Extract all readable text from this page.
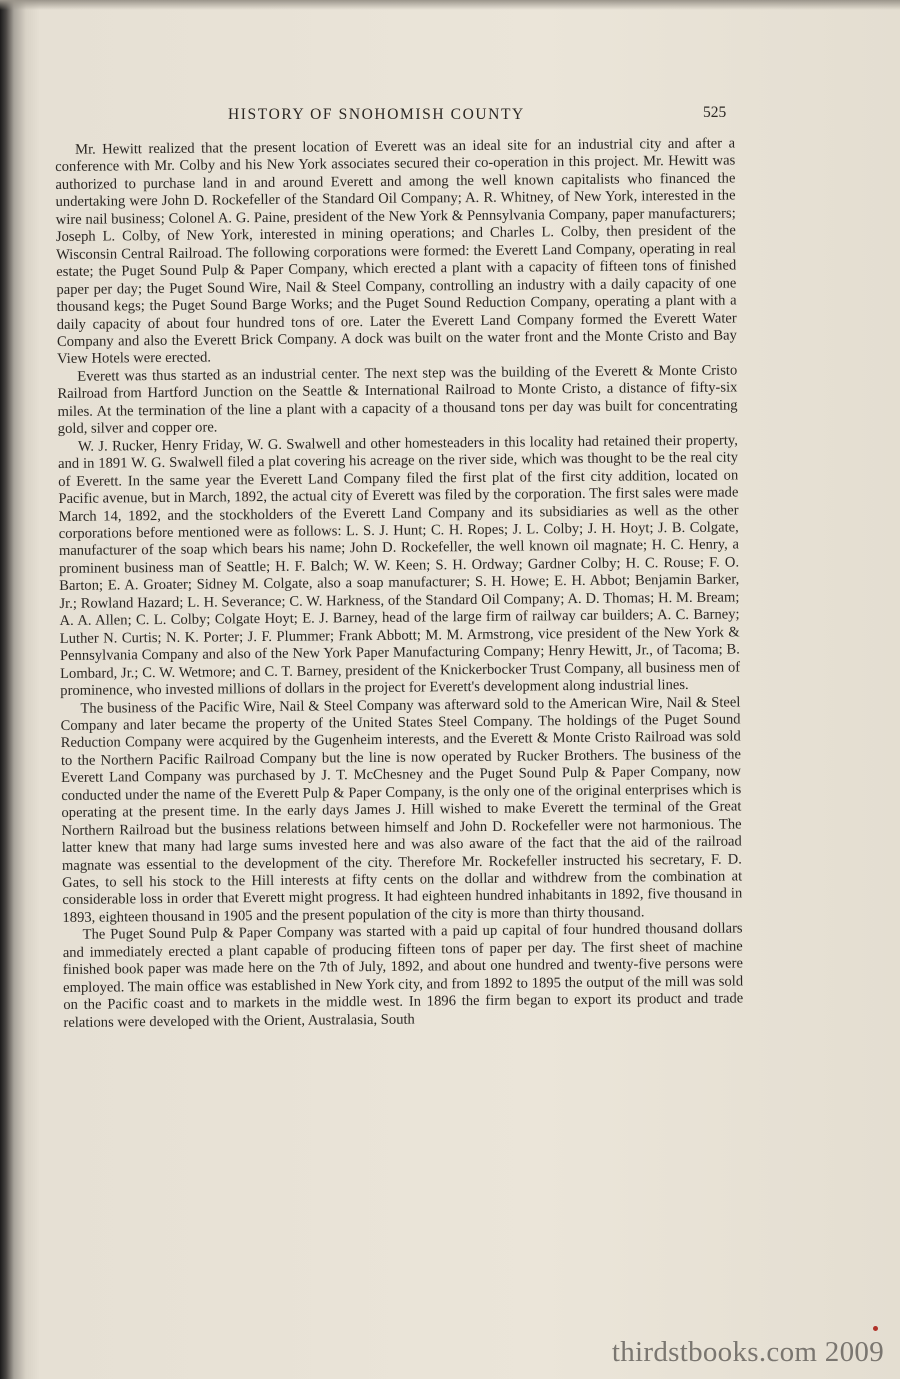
HISTORY OF SNOHOMISH COUNTY	525

Mr. Hewitt realized that the present location of Everett was an ideal site for an industrial city and after a conference with Mr. Colby and his New York associates secured their co-operation in this project. Mr. Hewitt was authorized to purchase land in and around Everett and among the well known capitalists who financed the undertaking were John D. Rockefeller of the Standard Oil Company; A. R. Whitney, of New York, interested in the wire nail business; Colonel A. G. Paine, president of the New York & Pennsylvania Company, paper manufacturers; Joseph L. Colby, of New York, interested in mining operations; and Charles L. Colby, then president of the Wisconsin Central Railroad. The following corporations were formed: the Everett Land Company, operating in real estate; the Puget Sound Pulp & Paper Company, which erected a plant with a capacity of fifteen tons of finished paper per day; the Puget Sound Wire, Nail & Steel Company, controlling an industry with a daily capacity of one thousand kegs; the Puget Sound Barge Works; and the Puget Sound Reduction Company, operating a plant with a daily capacity of about four hundred tons of ore. Later the Everett Land Company formed the Everett Water Company and also the Everett Brick Company. A dock was built on the water front and the Monte Cristo and Bay View Hotels were erected.

Everett was thus started as an industrial center. The next step was the building of the Everett & Monte Cristo Railroad from Hartford Junction on the Seattle & International Railroad to Monte Cristo, a distance of fifty-six miles. At the termination of the line a plant with a capacity of a thousand tons per day was built for concentrating gold, silver and copper ore.

W. J. Rucker, Henry Friday, W. G. Swalwell and other homesteaders in this locality had retained their property, and in 1891 W. G. Swalwell filed a plat covering his acreage on the river side, which was thought to be the real city of Everett. In the same year the Everett Land Company filed the first plat of the first city addition, located on Pacific avenue, but in March, 1892, the actual city of Everett was filed by the corporation. The first sales were made March 14, 1892, and the stockholders of the Everett Land Company and its subsidiaries as well as the other corporations before mentioned were as follows: L. S. J. Hunt; C. H. Ropes; J. L. Colby; J. H. Hoyt; J. B. Colgate, manufacturer of the soap which bears his name; John D. Rockefeller, the well known oil magnate; H. C. Henry, a prominent business man of Seattle; H. F. Balch; W. W. Keen; S. H. Ordway; Gardner Colby; H. C. Rouse; F. O. Barton; E. A. Groater; Sidney M. Colgate, also a soap manufacturer; S. H. Howe; E. H. Abbot; Benjamin Barker, Jr.; Rowland Hazard; L. H. Severance; C. W. Harkness, of the Standard Oil Company; A. D. Thomas; H. M. Bream; A. A. Allen; C. L. Colby; Colgate Hoyt; E. J. Barney, head of the large firm of railway car builders; A. C. Barney; Luther N. Curtis; N. K. Porter; J. F. Plummer; Frank Abbott; M. M. Armstrong, vice president of the New York & Pennsylvania Company and also of the New York Paper Manufacturing Company; Henry Hewitt, Jr., of Tacoma; B. Lombard, Jr.; C. W. Wetmore; and C. T. Barney, president of the Knickerbocker Trust Company, all business men of prominence, who invested millions of dollars in the project for Everett's development along industrial lines.

The business of the Pacific Wire, Nail & Steel Company was afterward sold to the American Wire, Nail & Steel Company and later became the property of the United States Steel Company. The holdings of the Puget Sound Reduction Company were acquired by the Gugenheim interests, and the Everett & Monte Cristo Railroad was sold to the Northern Pacific Railroad Company but the line is now operated by Rucker Brothers. The business of the Everett Land Company was purchased by J. T. McChesney and the Puget Sound Pulp & Paper Company, now conducted under the name of the Everett Pulp & Paper Company, is the only one of the original enterprises which is operating at the present time. In the early days James J. Hill wished to make Everett the terminal of the Great Northern Railroad but the business relations between himself and John D. Rockefeller were not harmonious. The latter knew that many had large sums invested here and was also aware of the fact that the aid of the railroad magnate was essential to the development of the city. Therefore Mr. Rockefeller instructed his secretary, F. D. Gates, to sell his stock to the Hill interests at fifty cents on the dollar and withdrew from the combination at considerable loss in order that Everett might progress. It had eighteen hundred inhabitants in 1892, five thousand in 1893, eighteen thousand in 1905 and the present population of the city is more than thirty thousand.

The Puget Sound Pulp & Paper Company was started with a paid up capital of four hundred thousand dollars and immediately erected a plant capable of producing fifteen tons of paper per day. The first sheet of machine finished book paper was made here on the 7th of July, 1892, and about one hundred and twenty-five persons were employed. The main office was established in New York city, and from 1892 to 1895 the output of the mill was sold on the Pacific coast and to markets in the middle west. In 1896 the firm began to export its product and trade relations were developed with the Orient, Australasia, South

thirdstbooks.com 2009
